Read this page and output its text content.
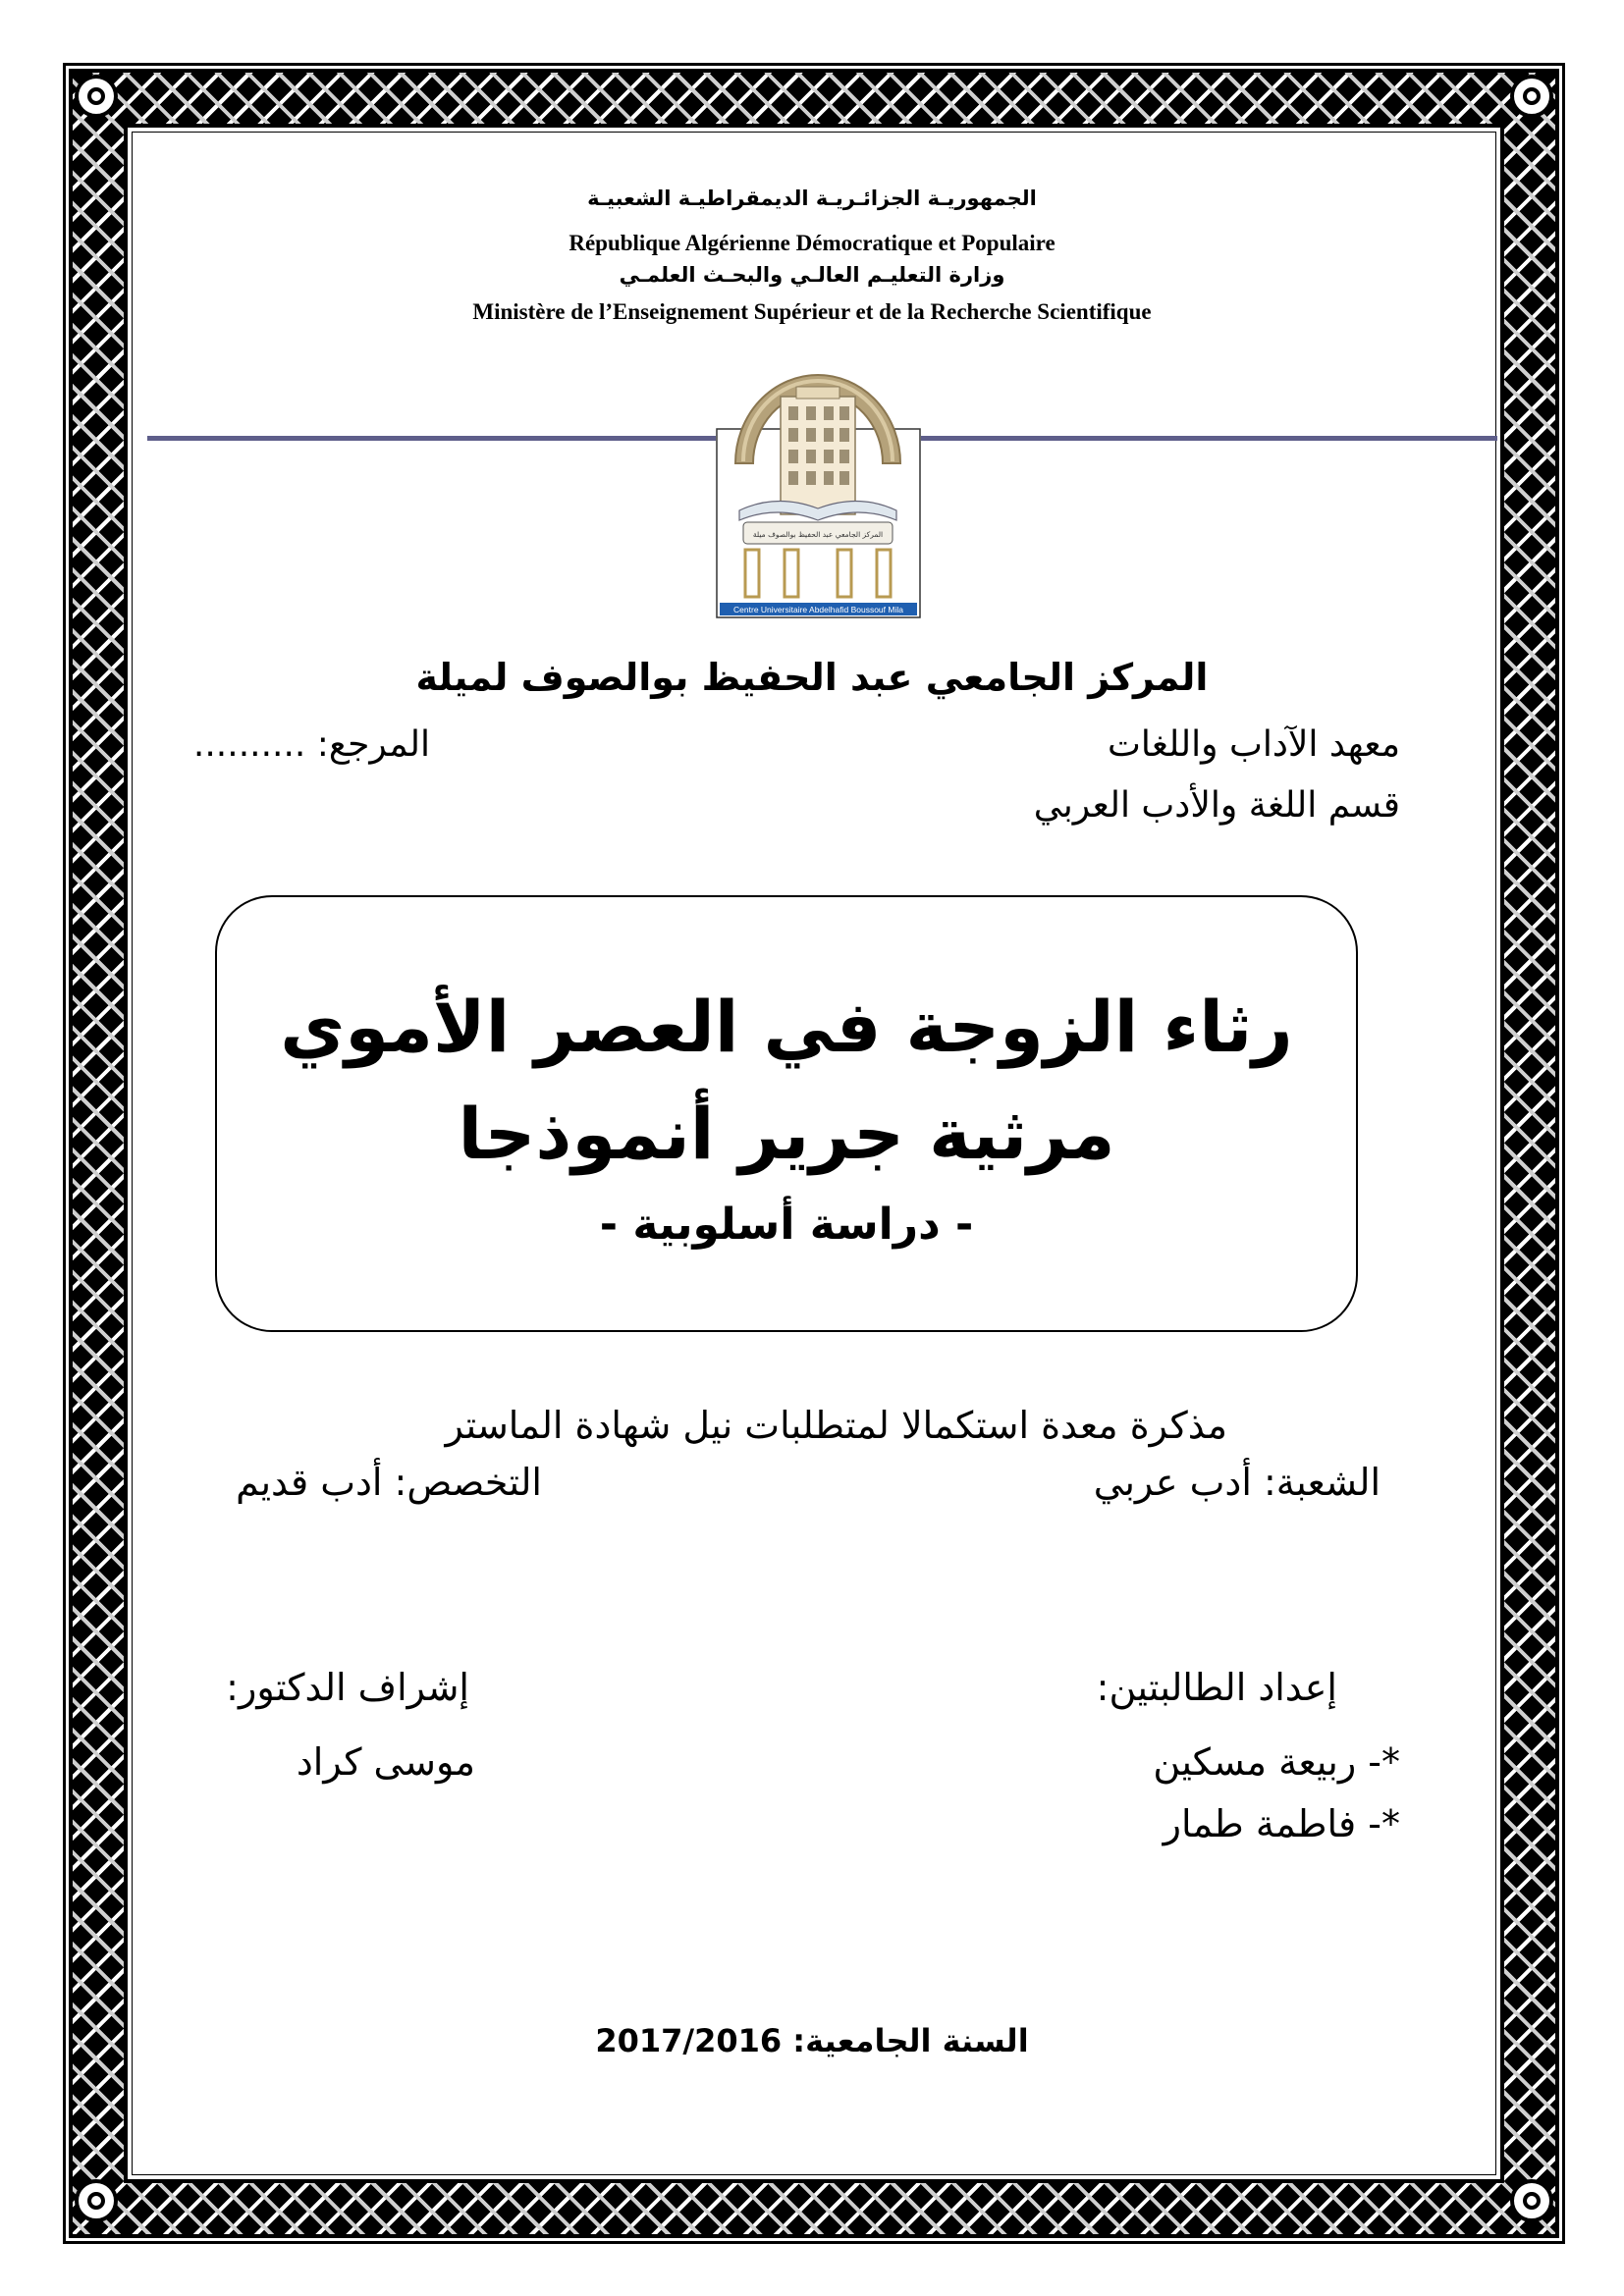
الجمهوريـة الجزائـريـة الديمقراطيـة الشعبيـة
République Algérienne Démocratique et Populaire
وزارة التعليـم العالـي والبحـث العلمـي
Ministère de l’Enseignement Supérieur et de la Recherche Scientifique
المركز الجامعي عبد الحفيظ بوالصوف ميلة
Centre Universitaire Abdelhafid Boussouf Mila
المركز الجامعي عبد الحفيظ بوالصوف لميلة
معهد الآداب واللغات
المرجع: ..........
قسم اللغة والأدب العربي
رثاء الزوجة في العصر الأموي
مرثية جرير أنموذجا
- دراسة أسلوبية -
مذكرة معدة استكمالا لمتطلبات نيل شهادة الماستر
الشعبة: أدب عربي
التخصص: أدب قديم
إعداد الطالبتين:
*- ربيعة مسكين
*- فاطمة طمار
إشراف الدكتور:
موسى كراد
السنة الجامعية: 2017/2016
